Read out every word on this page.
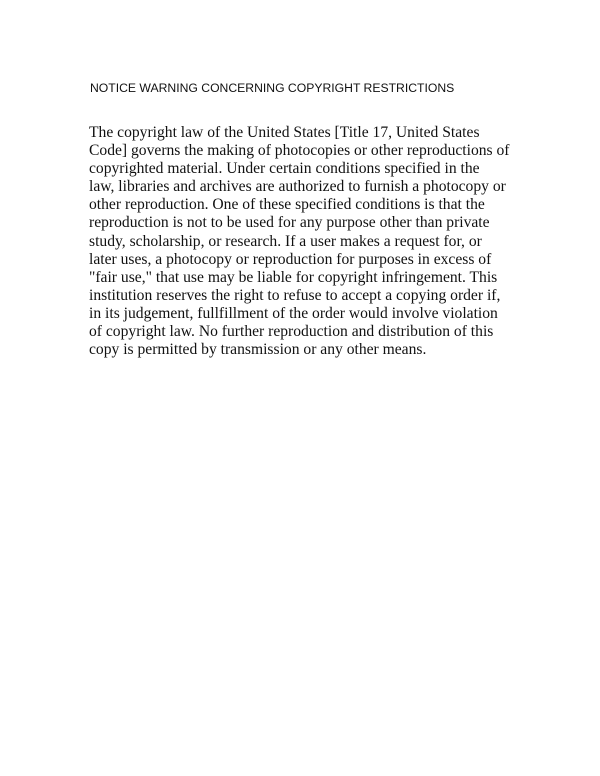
NOTICE WARNING CONCERNING COPYRIGHT RESTRICTIONS
The copyright law of the United States [Title 17, United States
Code] governs the making of photocopies or other reproductions of
copyrighted material. Under certain conditions specified in the
law, libraries and archives are authorized to furnish a photocopy or
other reproduction. One of these specified conditions is that the
reproduction is not to be used for any purpose other than private
study, scholarship, or research. If a user makes a request for, or
later uses, a photocopy or reproduction for purposes in excess of
"fair use," that use may be liable for copyright infringement. This
institution reserves the right to refuse to accept a copying order if,
in its judgement, fullfillment of the order would involve violation
of copyright law. No further reproduction and distribution of this
copy is permitted by transmission or any other means.
